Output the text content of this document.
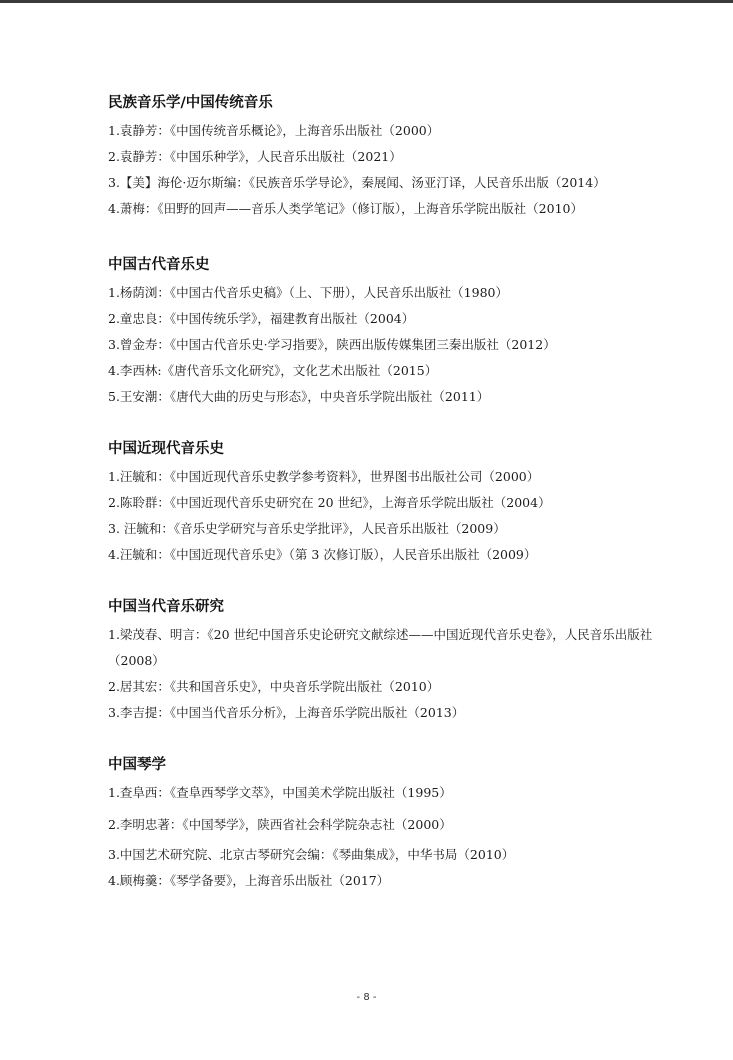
民族音乐学/中国传统音乐

1.袁静芳：《中国传统音乐概论》，上海音乐出版社（2000）

2.袁静芳：《中国乐种学》，人民音乐出版社（2021）

3.【美】海伦·迈尔斯编：《民族音乐学导论》，秦展闻、汤亚汀译，人民音乐出版（2014）

4.萧梅：《田野的回声——音乐人类学笔记》（修订版），上海音乐学院出版社（2010）

中国古代音乐史

1.杨荫浏：《中国古代音乐史稿》（上、下册），人民音乐出版社（1980）

2.童忠良：《中国传统乐学》，福建教育出版社（2004）

3.曾金寿：《中国古代音乐史·学习指要》，陕西出版传媒集团三秦出版社（2012）

4.李西林:《唐代音乐文化研究》，文化艺术出版社（2015）

5.王安潮：《唐代大曲的历史与形态》，中央音乐学院出版社（2011）

中国近现代音乐史

1.汪毓和：《中国近现代音乐史教学参考资料》，世界图书出版社公司（2000）

2.陈聆群：《中国近现代音乐史研究在 20 世纪》，上海音乐学院出版社（2004）

3. 汪毓和：《音乐史学研究与音乐史学批评》，人民音乐出版社（2009）

4.汪毓和：《中国近现代音乐史》（第 3 次修订版），人民音乐出版社（2009）

中国当代音乐研究

1.梁茂春、明言：《20 世纪中国音乐史论研究文献综述——中国近现代音乐史卷》，人民音乐出版社（2008）

2.居其宏：《共和国音乐史》，中央音乐学院出版社（2010）

3.李吉提：《中国当代音乐分析》，上海音乐学院出版社（2013）

中国琴学

1.查阜西：《查阜西琴学文萃》，中国美术学院出版社（1995）

2.李明忠著：《中国琴学》，陕西省社会科学院杂志社（2000）

3.中国艺术研究院、北京古琴研究会编：《琴曲集成》，中华书局（2010）

4.顾梅羹：《琴学备要》，上海音乐出版社（2017）

- 8 -
